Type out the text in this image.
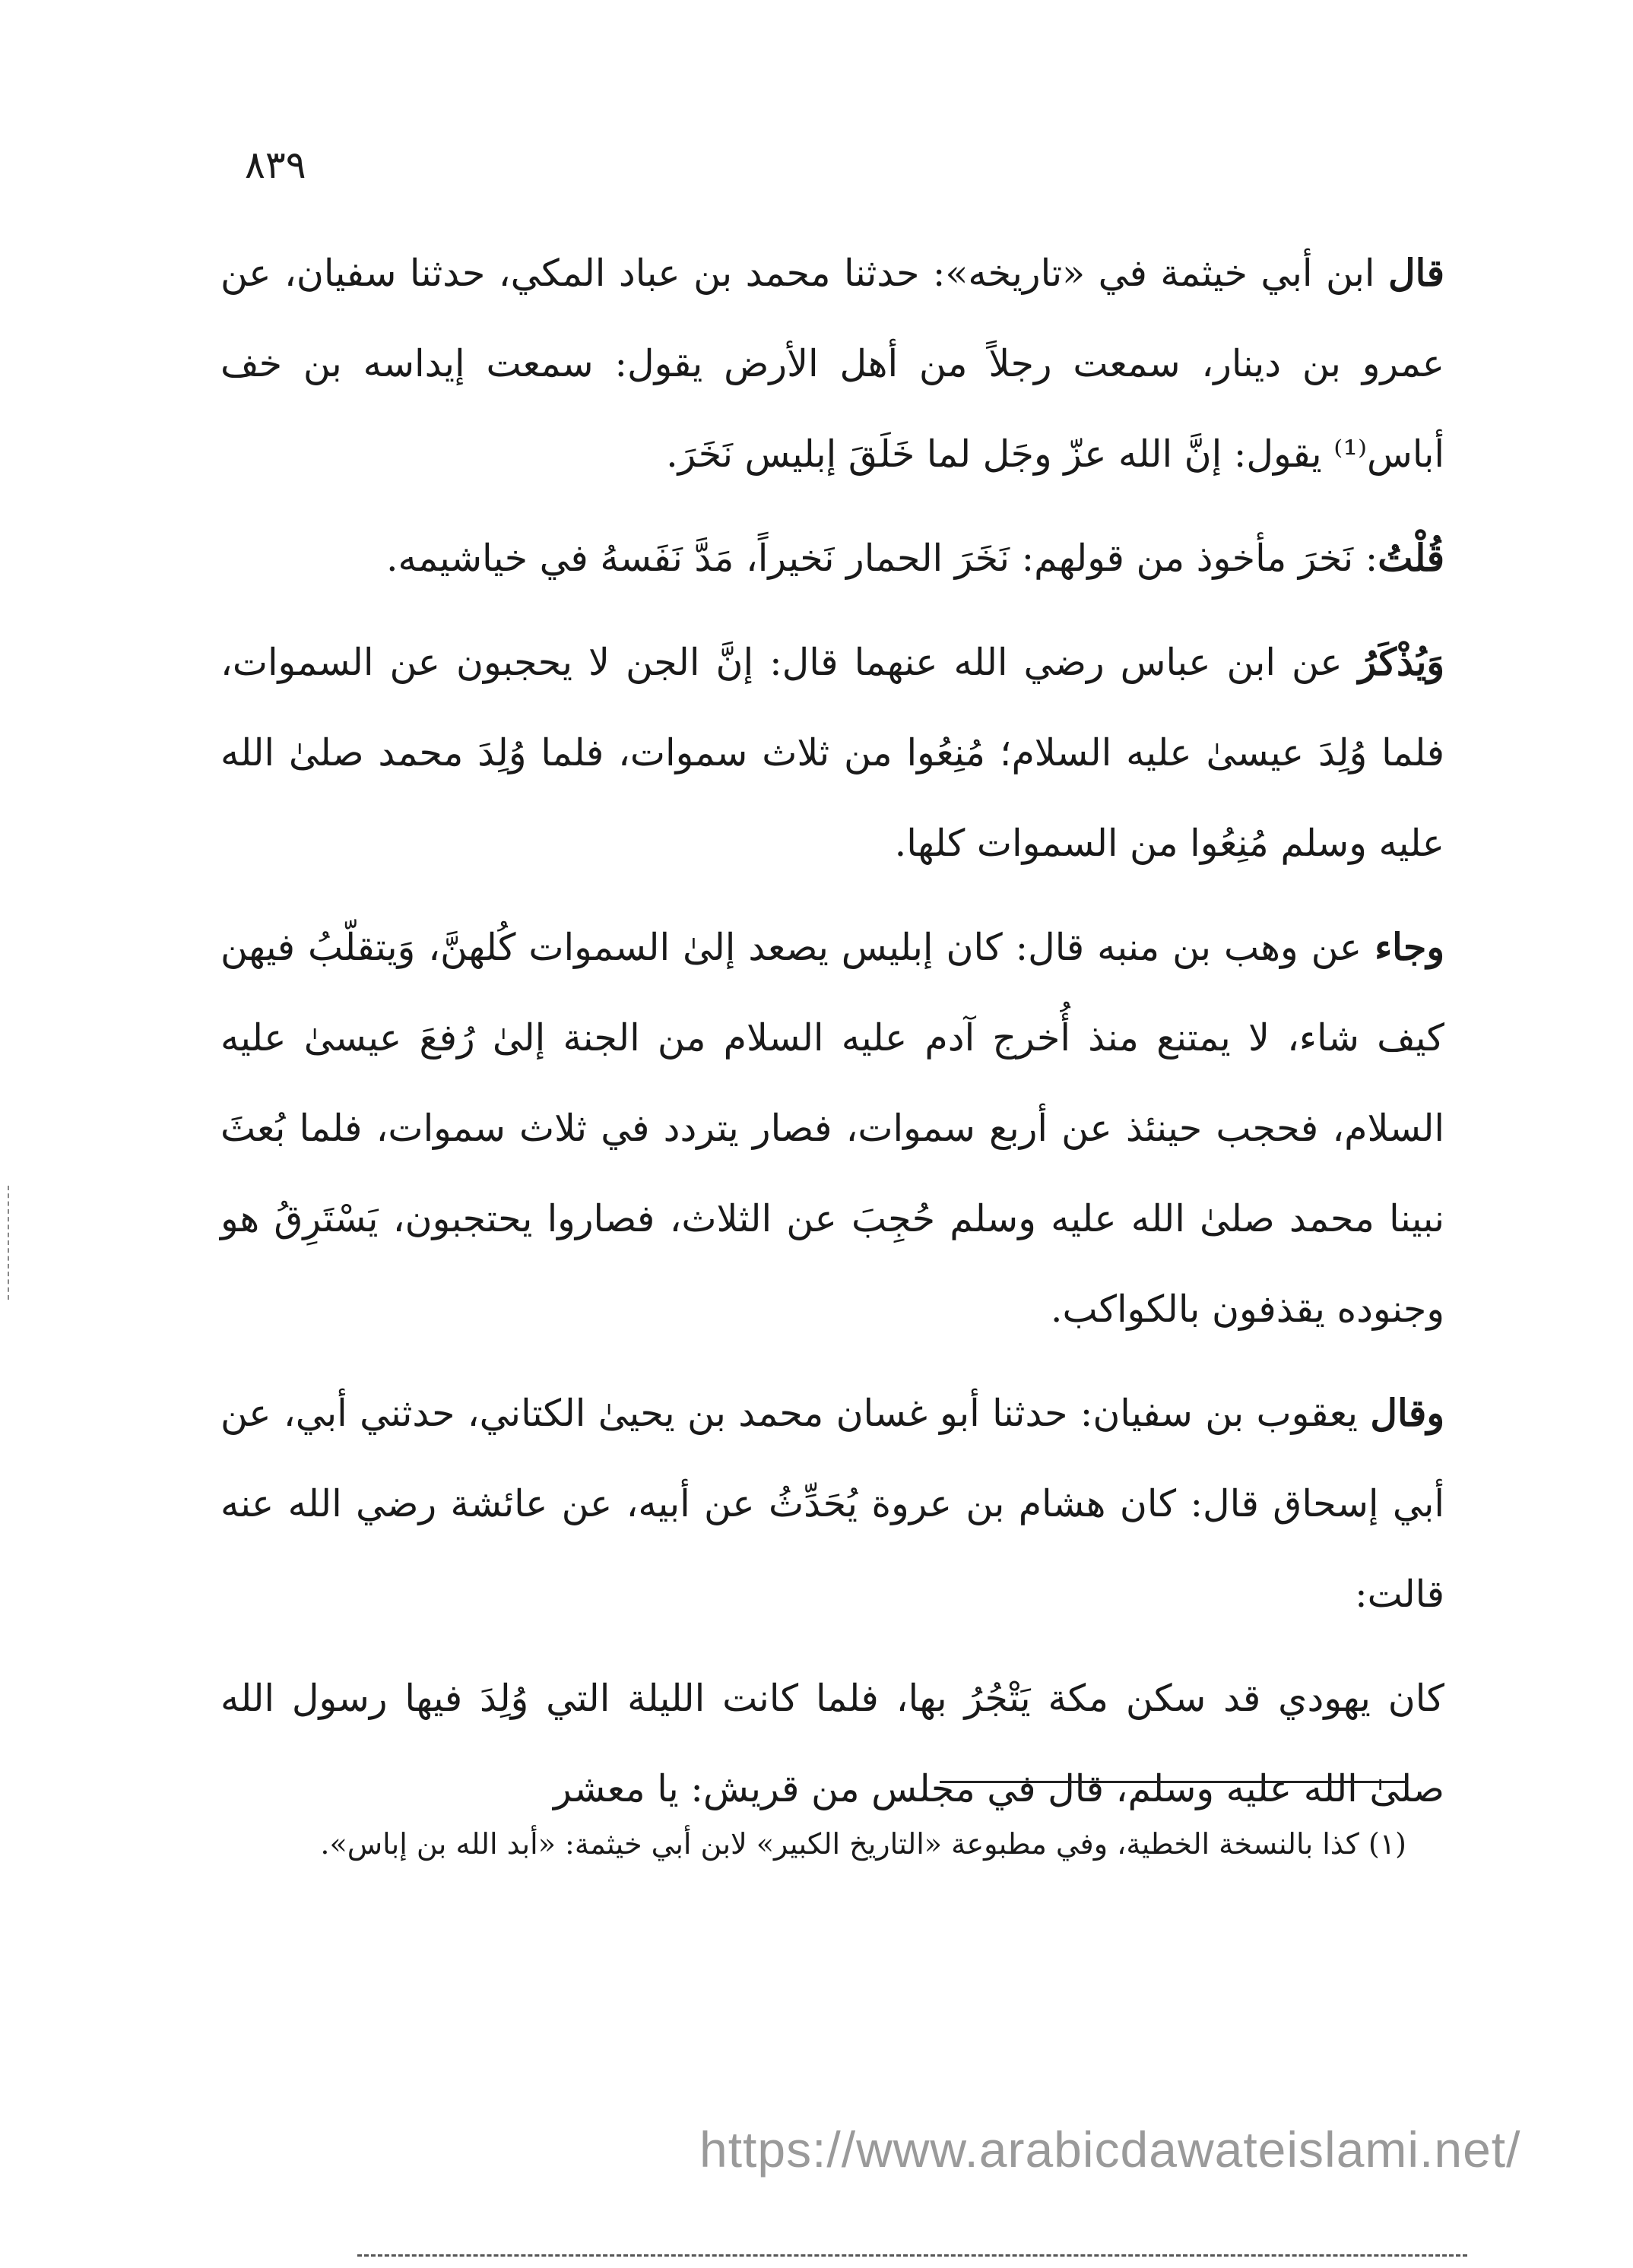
٨٣٩

قال ابن أبي خيثمة في «تاريخه»: حدثنا محمد بن عباد المكي، حدثنا سفيان، عن عمرو بن دينار، سمعت رجلاً من أهل الأرض يقول: سمعت إيداسه بن خف أباس⁽¹⁾ يقول: إنَّ الله عزّ وجَل لما خَلَقَ إبليس نَخَرَ.

قُلْتُ: نَخرَ مأخوذ من قولهم: نَخَرَ الحمار نَخيراً، مَدَّ نَفَسهُ في خياشيمه.

وَيُذْكَرُ عن ابن عباس رضي الله عنهما قال: إنَّ الجن لا يحجبون عن السموات، فلما وُلِدَ عيسىٰ عليه السلام؛ مُنِعُوا من ثلاث سموات، فلما وُلِدَ محمد صلىٰ الله عليه وسلم مُنِعُوا من السموات كلها.

وجاء عن وهب بن منبه قال: كان إبليس يصعد إلىٰ السموات كُلهنَّ، وَيتقلّبُ فيهن كيف شاء، لا يمتنع منذ أُخرج آدم عليه السلام من الجنة إلىٰ رُفعَ عيسىٰ عليه السلام، فحجب حينئذ عن أربع سموات، فصار يتردد في ثلاث سموات، فلما بُعثَ نبينا محمد صلىٰ الله عليه وسلم حُجِبَ عن الثلاث، فصاروا يحتجبون، يَسْتَرِقُ هو وجنوده يقذفون بالكواكب.

وقال يعقوب بن سفيان: حدثنا أبو غسان محمد بن يحيىٰ الكتاني، حدثني أبي، عن أبي إسحاق قال: كان هشام بن عروة يُحَدِّثُ عن أبيه، عن عائشة رضي الله عنه قالت:

كان يهودي قد سكن مكة يَتْجُرُ بها، فلما كانت الليلة التي وُلِدَ فيها رسول الله صلىٰ الله عليه وسلم، قال في مجلس من قريش: يا معشر

(١) كذا بالنسخة الخطية، وفي مطبوعة «التاريخ الكبير» لابن أبي خيثمة: «أبد الله بن إباس».
https://www.arabicdawateislami.net/
